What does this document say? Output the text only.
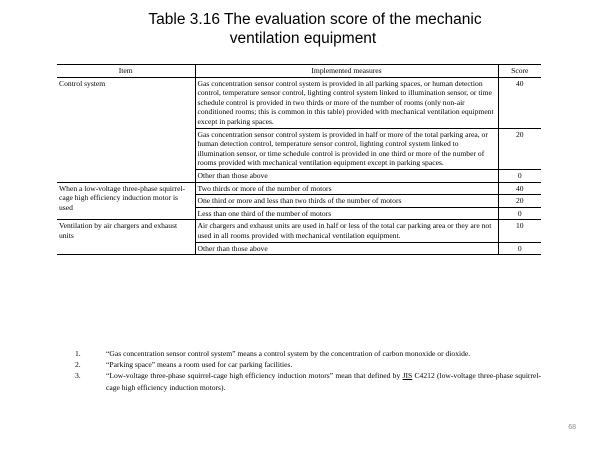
Table 3.16 The evaluation score of the mechanic
ventilation equipment
Item	Implemented measures	Score
Control system	Gas concentration sensor control system is provided in all parking spaces, or human detection control, temperature sensor control, lighting control system linked to illumination sensor, or time schedule control is provided in two thirds or more of the number of rooms (only non-air conditioned rooms; this is common in this table) provided with mechanical ventilation equipment except in parking spaces.	40
	Gas concentration sensor control system is provided in half or more of the total parking area, or human detection control, temperature sensor control, lighting control system linked to illumination sensor, or time schedule control is provided in one third or more of the number of rooms provided with mechanical ventilation equipment except in parking spaces.	20
	Other than those above	0
When a low-voltage three-phase squirrel-cage high efficiency induction motor is used	Two thirds or more of the number of motors	40
	One third or more and less than two thirds of the number of motors	20
	Less than one third of the number of motors	0
Ventilation by air chargers and exhaust units	Air chargers and exhaust units are used in half or less of the total car parking area or they are not used in all rooms provided with mechanical ventilation equipment.	10
	Other than those above	0
1.	“Gas concentration sensor control system” means a control system by the concentration of carbon monoxide or dioxide.
2.	“Parking space” means a room used for car parking facilities.
3.	“Low-voltage three-phase squirrel-cage high efficiency induction motors” mean that defined by JIS C4212 (low-voltage three-phase squirrel-cage high efficiency induction motors).
68
